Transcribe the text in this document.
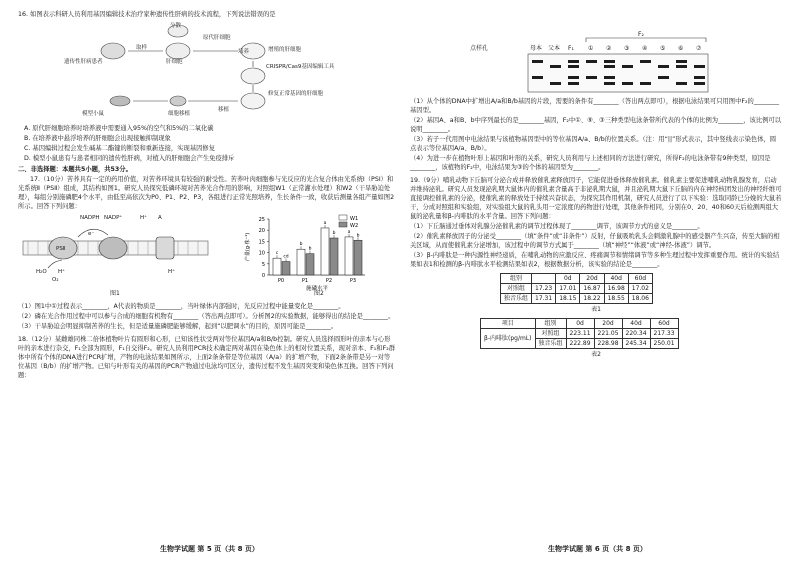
16. 如图表示科研人员利用基因编辑技术治疗家种遗传性肝病的技术流程，下列说法错误的是

遗传性肝病患者
取样
肝细胞
分散
原代肝细胞
CRISPR/Cas9基因编辑工具
增殖的肝细胞
培养
移植
模型小鼠	细胞移植
修复正常基因的肝细胞

A. 原代肝细胞培养时培养液中需要通入95%的空气和5%的二氧化碳

B. 在培养液中悬浮培养的肝细胞会出现接触抑制现象

C. 基因编辑过程会发生碱基二酯键的断裂和重新连接，实现基因修复

D. 模型小鼠患有与患者相同的遗传性肝病，对植入的肝细胞会产生免疫排斥

二、非选择题：本题共5小题，共53分。

17.（10分）苦荞具有一定的药用价值，对苦荞环境具有较强的耐受性。苦荞叶肉细胞参与光反应的光合复合体由光系统Ⅰ（PSⅠ）和光系统Ⅱ（PSⅡ）组成，其结构如图1。研究人员探究低磷环境对苦荞光合作用的影响，对照组W1（正常灌水处理）和W2（干旱胁迫处理），每组分别施磷肥4个水平，由低至高依次为P0、P1、P2、P3，各组进行正常光照培养，生长条件一致，收获后测量各组产量如图2所示。回答下列问题：

NADPH NADP⁺	H⁺ A
PSⅡ
H₂O H⁺
O₂
H⁺
e⁻
图1
0
5
10
15
20
25
产量(g·株⁻¹)
施磷水平
c
cd
P0
b
b
P1
a
b
P2
a
b
P3
W1
W2
图2

（1）图1中①过程表示________，A代表的物质是________，当叶绿体内部强时，光反应过程中能量变化是________。

（2）磷在光合作用过程中可以参与合成的细胞有机物有________（答出两点即可）。分析图2的实验数据，能够得出的结论是________。

（3）干旱胁迫会明显抑制苦荞的生长，但是适量施磷肥能够缓解，起到“以肥调水”的目的，原因可能是________。

18.（12分）某雌雄同株二倍体植物叶片有圆形和心形，已知该性状受两对等位基因A/a和B/b控制。研究人员选择圆形叶的亲本与心形叶的亲本进行杂交，F₁全部为圆形，F₁自交得F₂。研究人员利用PCR技术确定两对基因在染色体上的相对位置关系，现对亲本、F₁和F₂群体中所有个体的DNA进行PCR扩增，产物的电泳结果如图所示，上面2条条带是等位基因（A/a）的扩增产物，下面2条条带是另一对等位基因（B/b）的扩增产物。已知与叶形有关的基因的PCR产物通过电泳均可区分，遗传过程不发生基因突变和染色体互换。回答下列问题：

生物学试题 第 5 页（共 8 页）
点样孔	母本 父本 F₁
F₂
① ② ③ ④ ⑤ ⑥ ⑦

（1）从个体的DNA中扩增出A/a和B/b基因的片段，需要的条件有________（答出两点即可），根据电泳结果可只用图中F₂的________基因型。

（2）基因A、a和B、b中序列最长的是________基因，F₂中①、⑨、③三种类型电泳条带所代表的个体的比例为________，该比例可以说明________。

（3）若子一代用图中电泳结果与该植物基因型中的等位基因A/a、B/b的位置关系。（注：用“||”形式表示，其中竖线表示染色体，圆点表示等位基因A/a、B/b）。

（4）为进一步在植物叶形上基因和叶形的关系，研究人员利用与上述相同的方法进行研究，所得F₂的电泳条带有9种类型，原因是________，该植物的F₂中，电泳结果为③的个体的基因型为________。

19.（9分）哺乳动物下丘脑可分泌合成并释放催乳素释放因子，它能促进垂体释放催乳素。催乳素主要促进哺乳动物乳腺发育，启动并维持泌乳。研究人员发现泌乳期大鼠体内的催乳素含量高于非泌乳期大鼠，并且泌乳期大鼠下丘脑的内在神经核团发出的神经纤维可直接调控催乳素的分泌，使催乳素的释放处于持续兴奋状态，为探究其作用机制，研究人员进行了以下实验：选取同龄已分娩的大鼠若干，分成对照组和实验组，对实验组大鼠的乳头用一定浓度的药物进行处理，其他条件相同，分别在0、20、40和60天后检测两组大鼠的泌乳量和β-内啡肽的水平含量。回答下列问题：

（1）下丘脑通过垂体对乳腺分泌催乳素的调节过程体现了________调节，该调节方式的意义是________。

（2）催乳素释放因子的分泌受________（填“条件”或“非条件”）反射，仔鼠吸吮乳头会刺激乳腺中的感受器产生兴奋，传至大脑的相关区域，从而使催乳素分泌增加，该过程中的调节方式属于________（填“神经”“体液”或“神经-体液”）调节。

（3）β-内啡肽是一种内源性神经递质，在哺乳动物的应激反应、疼痛调节和情绪调节等多种生理过程中发挥重要作用。统计的实验结果如表1和检测的β-内啡肽水平检测结果如表2，根据数据分析，该实验的结论是________。

组别		0d	20d	40d	60d
对照组	17.23	17.01	16.87	16.98	17.02
独音乐组	17.31	18.15	18.22	18.55	18.06
表1
项目	组别	0d	20d	40d	60d
β-内啡肽(pg/mL)	对照组	223.11	221.05	220.34	217.33
	独音乐组	222.89	228.98	245.34	250.01
表2
生物学试题 第 6 页（共 8 页）
